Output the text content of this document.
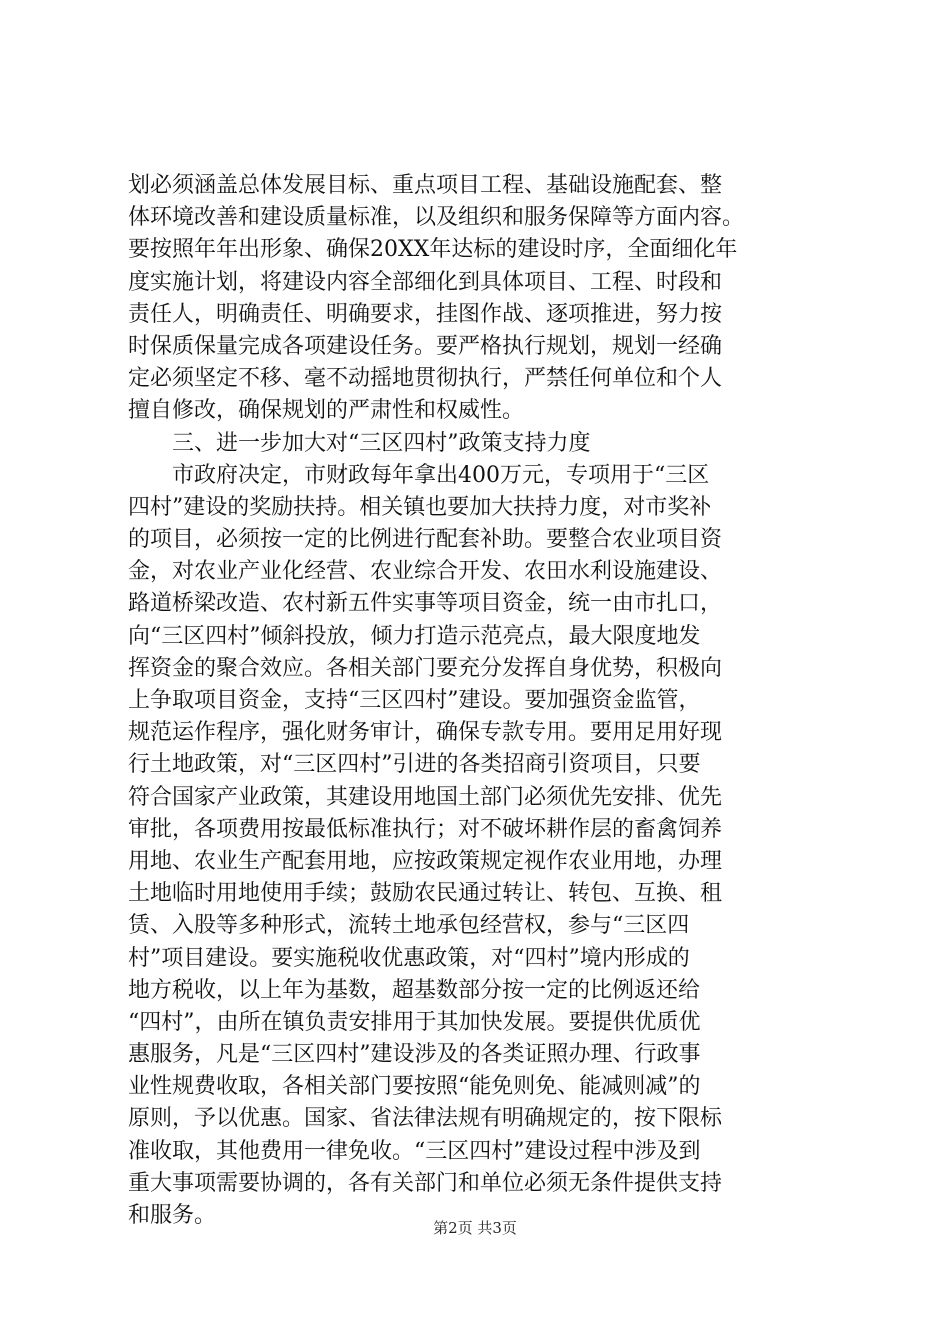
划必须涵盖总体发展目标、重点项目工程、基础设施配套、整
体环境改善和建设质量标准，以及组织和服务保障等方面内容。
要按照年年出形象、确保20XX年达标的建设时序，全面细化年
度实施计划，将建设内容全部细化到具体项目、工程、时段和
责任人，明确责任、明确要求，挂图作战、逐项推进，努力按
时保质保量完成各项建设任务。要严格执行规划，规划一经确
定必须坚定不移、毫不动摇地贯彻执行，严禁任何单位和个人
擅自修改，确保规划的严肃性和权威性。
三、进一步加大对“三区四村”政策支持力度
市政府决定，市财政每年拿出400万元，专项用于“三区
四村”建设的奖励扶持。相关镇也要加大扶持力度，对市奖补
的项目，必须按一定的比例进行配套补助。要整合农业项目资
金，对农业产业化经营、农业综合开发、农田水利设施建设、
路道桥梁改造、农村新五件实事等项目资金，统一由市扎口，
向“三区四村”倾斜投放，倾力打造示范亮点，最大限度地发
挥资金的聚合效应。各相关部门要充分发挥自身优势，积极向
上争取项目资金，支持“三区四村”建设。要加强资金监管，
规范运作程序，强化财务审计，确保专款专用。要用足用好现
行土地政策，对“三区四村”引进的各类招商引资项目，只要
符合国家产业政策，其建设用地国土部门必须优先安排、优先
审批，各项费用按最低标准执行；对不破坏耕作层的畜禽饲养
用地、农业生产配套用地，应按政策规定视作农业用地，办理
土地临时用地使用手续；鼓励农民通过转让、转包、互换、租
赁、入股等多种形式，流转土地承包经营权，参与“三区四
村”项目建设。要实施税收优惠政策，对“四村”境内形成的
地方税收，以上年为基数，超基数部分按一定的比例返还给
“四村”，由所在镇负责安排用于其加快发展。要提供优质优
惠服务，凡是“三区四村”建设涉及的各类证照办理、行政事
业性规费收取，各相关部门要按照“能免则免、能减则减”的
原则，予以优惠。国家、省法律法规有明确规定的，按下限标
准收取，其他费用一律免收。“三区四村”建设过程中涉及到
重大事项需要协调的，各有关部门和单位必须无条件提供支持
和服务。	第2页 共3页
